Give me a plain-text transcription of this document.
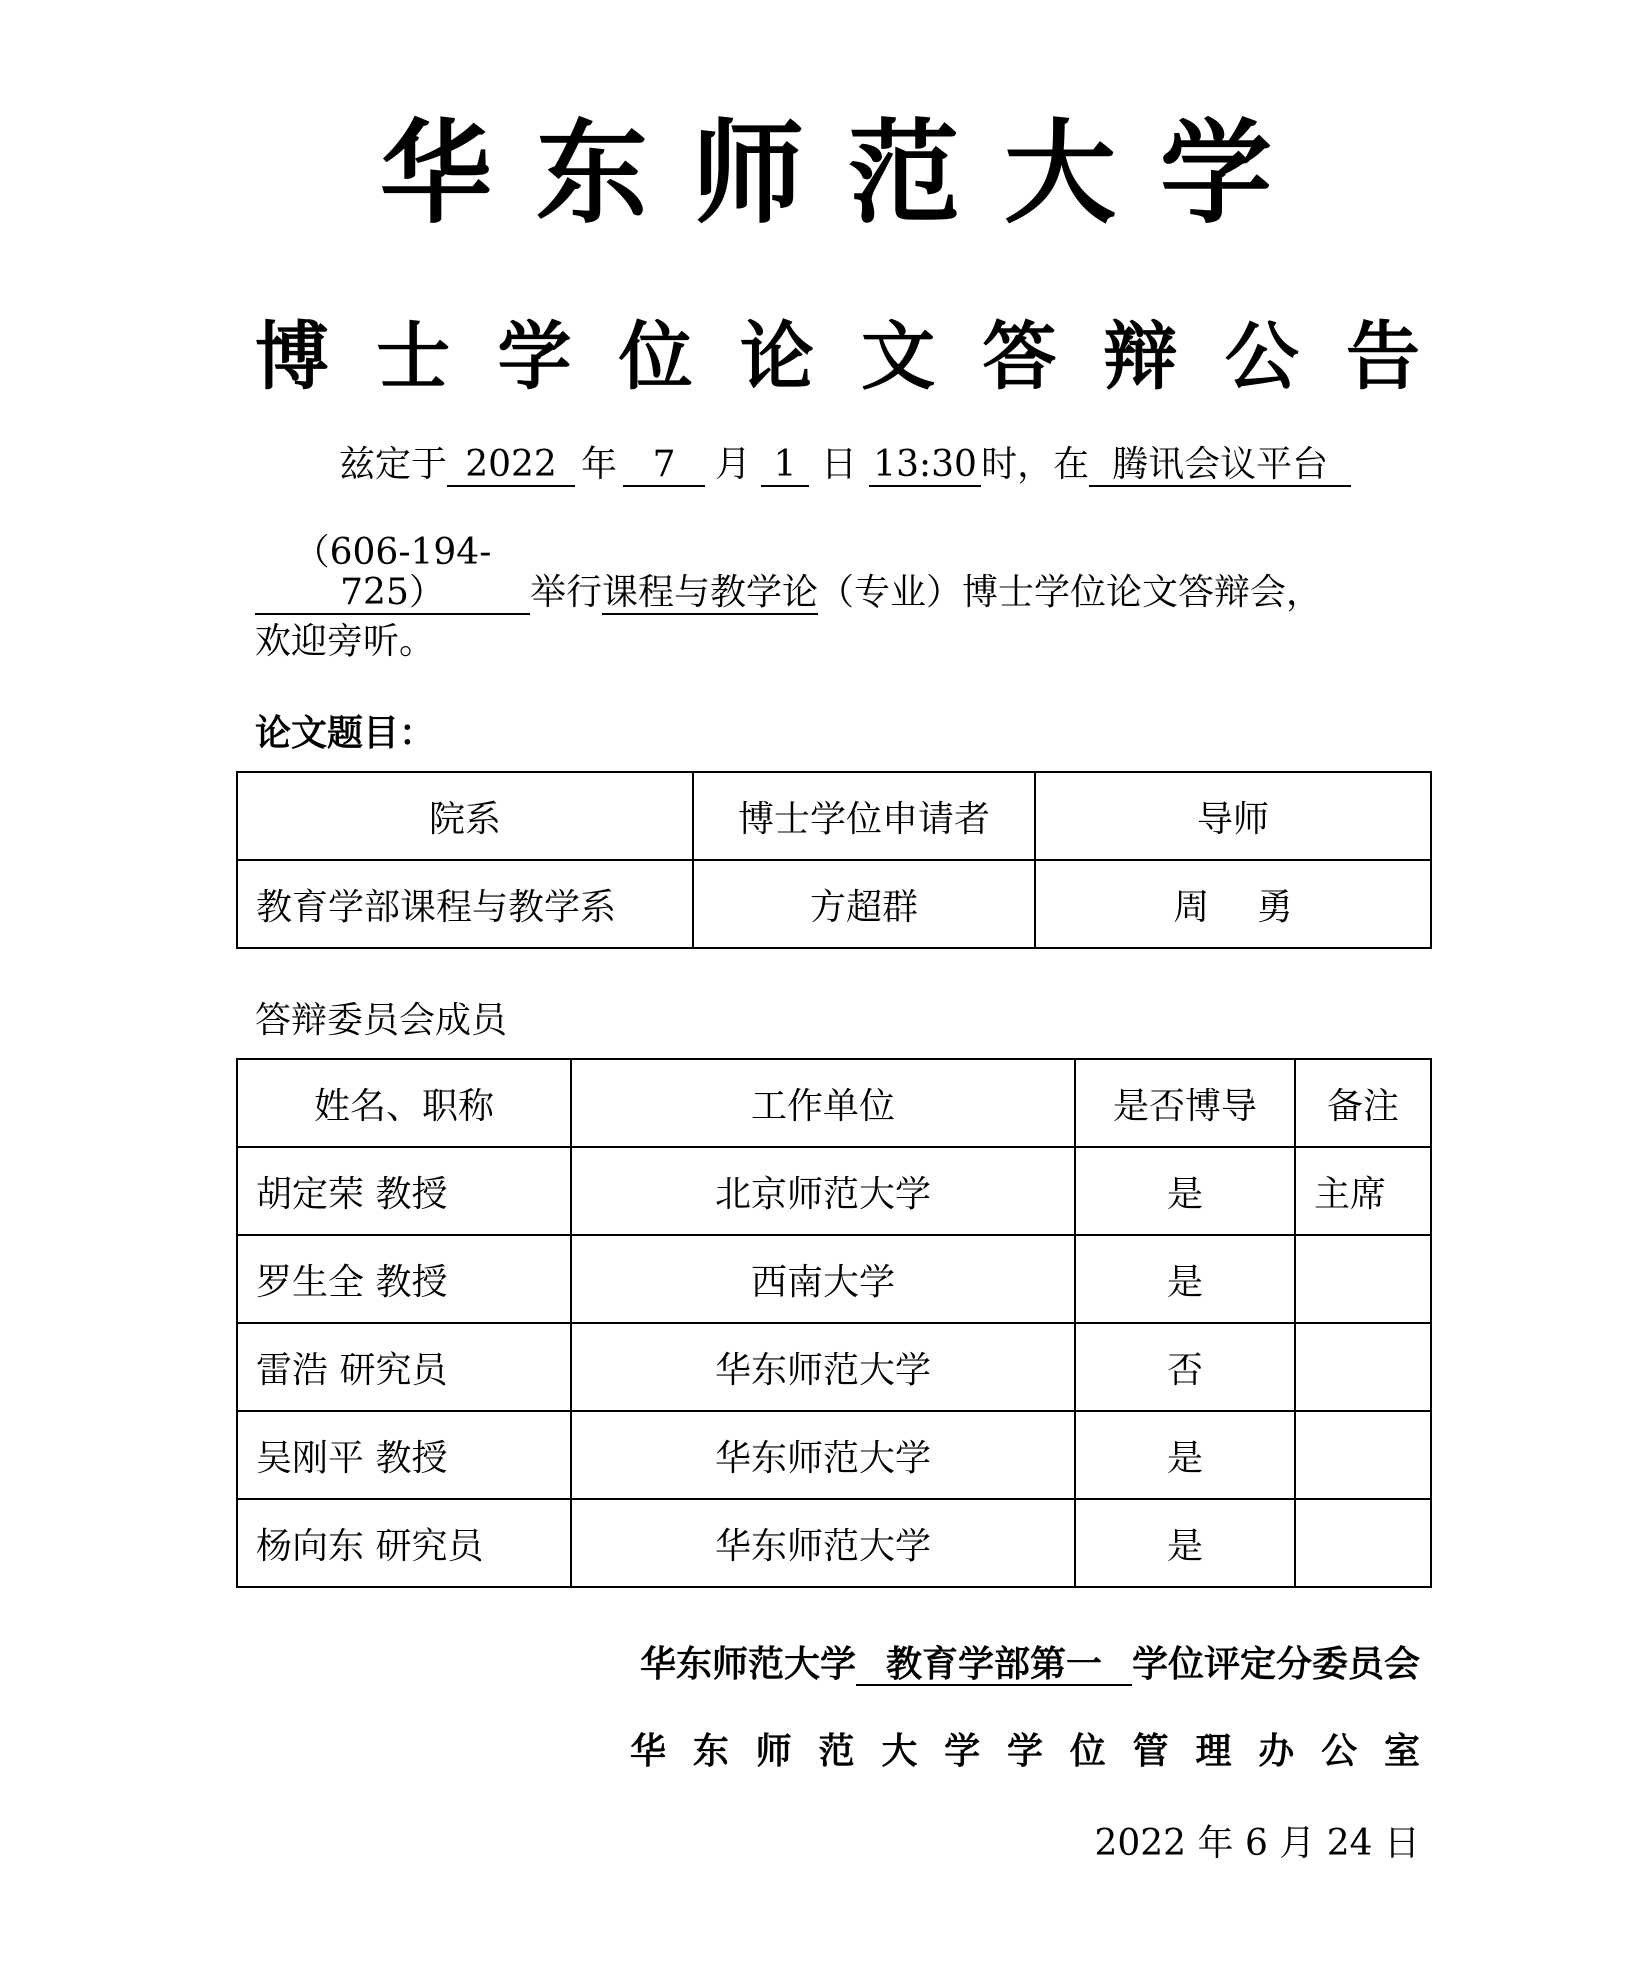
华东师范大学
博 士 学 位 论 文 答 辩 公 告
兹定于 2022 年 7 月 1 日 13:30 时，在 腾讯会议平台
（606-194-725） 举行课程与教学论（专业）博士学位论文答辩会，
欢迎旁听。
论文题目：
院系	博士学位申请者	导师
教育学部课程与教学系	方超群	周　 勇
答辩委员会成员
姓名、职称	工作单位	是否博导	备注
胡定荣 教授	北京师范大学	是	主席
罗生全 教授	西南大学	是	
雷浩 研究员	华东师范大学	否	
吴刚平 教授	华东师范大学	是	
杨向东 研究员	华东师范大学	是	
华东师范大学 教育学部第一 学位评定分委员会
华 东 师 范 大 学 学 位 管 理 办 公 室
2022 年 6 月 24 日
